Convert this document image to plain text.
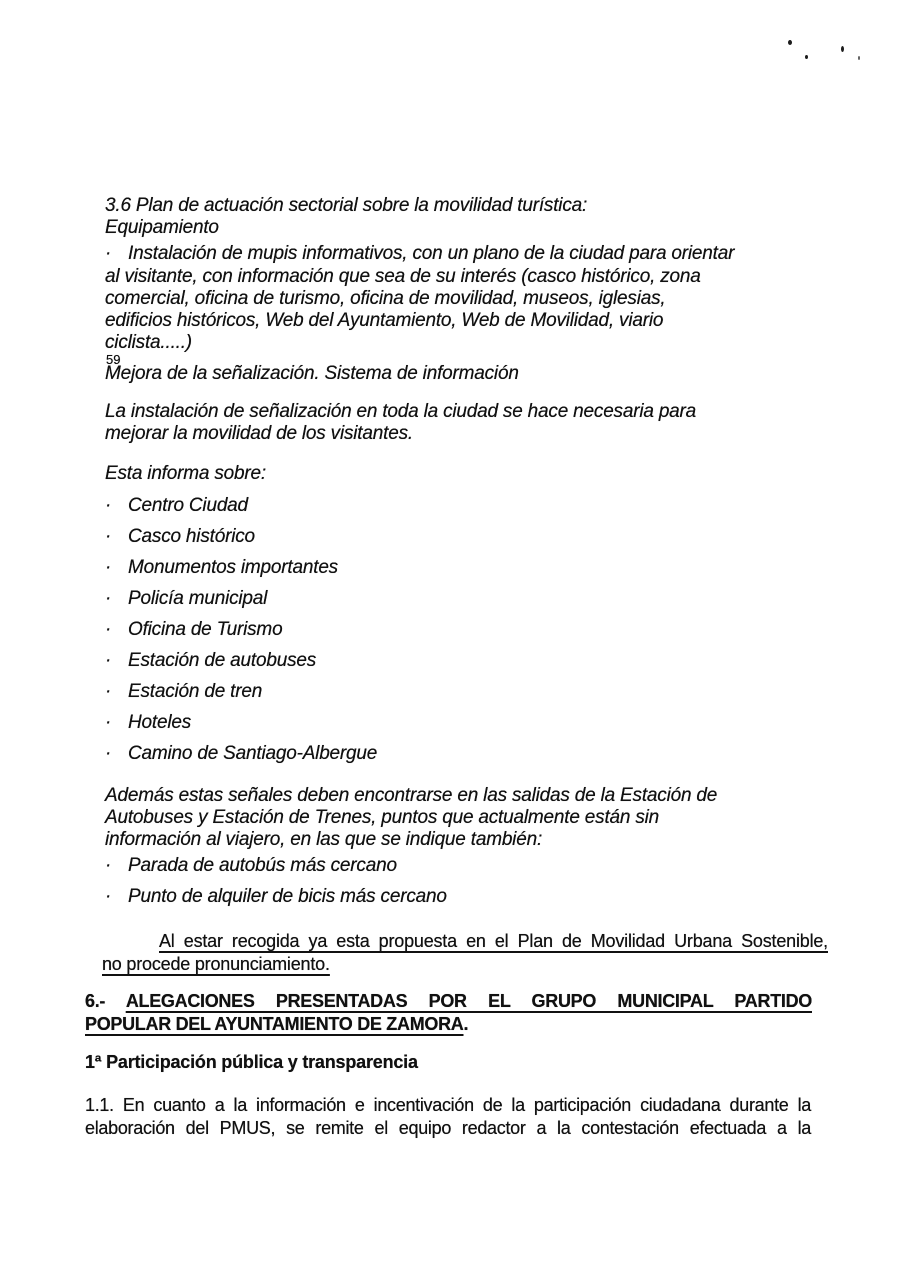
3.6 Plan de actuación sectorial sobre la movilidad turística:
Equipamiento
· Instalación de mupis informativos, con un plano de la ciudad para orientar
al visitante, con información que sea de su interés (casco histórico, zona
comercial, oficina de turismo, oficina de movilidad, museos, iglesias,
edificios históricos, Web del Ayuntamiento, Web de Movilidad, viario
ciclista.....)
59
Mejora de la señalización. Sistema de información
La instalación de señalización en toda la ciudad se hace necesaria para
mejorar la movilidad de los visitantes.
Esta informa sobre:
· Centro Ciudad
· Casco histórico
· Monumentos importantes
· Policía municipal
· Oficina de Turismo
· Estación de autobuses
· Estación de tren
· Hoteles
· Camino de Santiago-Albergue
Además estas señales deben encontrarse en las salidas de la Estación de
Autobuses y Estación de Trenes, puntos que actualmente están sin
información al viajero, en las que se indique también:
· Parada de autobús más cercano
· Punto de alquiler de bicis más cercano
Al estar recogida ya esta propuesta en el Plan de Movilidad Urbana Sostenible,
no procede pronunciamiento.
6.- ALEGACIONES PRESENTADAS POR EL GRUPO MUNICIPAL PARTIDO
POPULAR DEL AYUNTAMIENTO DE ZAMORA.
1ª Participación pública y transparencia
1.1. En cuanto a la información e incentivación de la participación ciudadana durante la
elaboración del PMUS, se remite el equipo redactor a la contestación efectuada a la
